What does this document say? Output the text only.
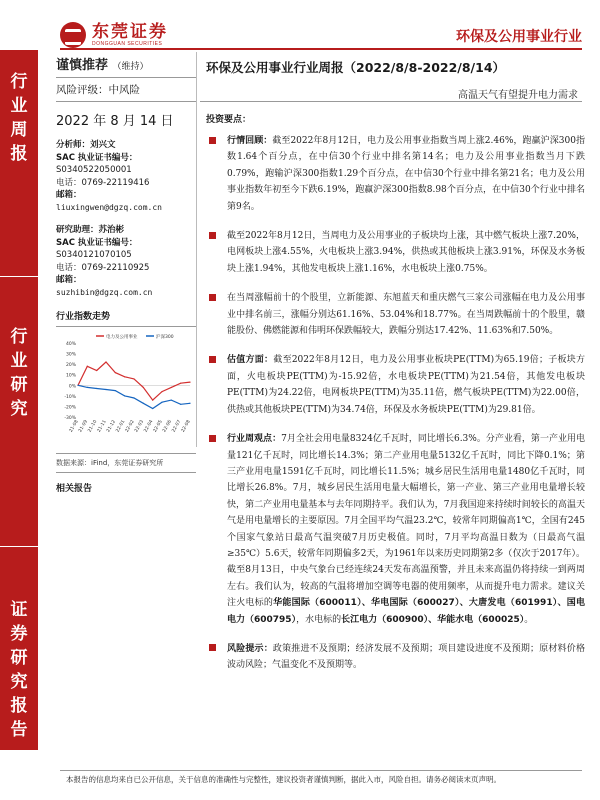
东莞证券
DONGGUAN SECURITIES	环保及公用事业行业
行
业
周
报
行
业
研
究
证
券
研
究
报
告
谨慎推荐 （维持）
风险评级：中风险
2022 年 8 月 14 日
分析师：刘兴文
SAC 执业证书编号：
S0340522050001
电话：0769-22119416
邮箱：
liuxingwen@dgzq.com.cn
研究助理：苏治彬
SAC 执业证书编号：
S0340121070105
电话：0769-22110925
邮箱：
suzhibin@dgzq.com.cn
行业指数走势
40%
30%
20%
10%
0%
-10%
-20%
-30%
电力及公用事业	沪深300
21-08
21-09
21-10
21-11
21-12
22-01
22-02
22-03
22-04
22-05
22-06
22-07
22-08
数据来源：iFind，东莞证券研究所
相关报告
环保及公用事业行业周报（2022/8/8-2022/8/14）
高温天气有望提升电力需求
投资要点：
行情回顾：截至2022年8月12日，电力及公用事业指数当周上涨2.46%，跑赢沪深300指数1.64个百分点，在中信30个行业中排名第14名；电力及公用事业指数当月下跌0.79%，跑输沪深300指数1.29个百分点，在中信30个行业中排名第21名；电力及公用事业指数年初至今下跌6.19%，跑赢沪深300指数8.98个百分点，在中信30个行业中排名第9名。
截至2022年8月12日，当周电力及公用事业的子板块均上涨，其中燃气板块上涨7.20%，电网板块上涨4.55%，火电板块上涨3.94%，供热或其他板块上涨3.91%，环保及水务板块上涨1.94%，其他发电板块上涨1.16%，水电板块上涨0.75%。
在当周涨幅前十的个股里，立新能源、东旭蓝天和重庆燃气三家公司涨幅在电力及公用事业中排名前三，涨幅分别达61.16%、53.04%和18.77%。在当周跌幅前十的个股里，赣能股份、佛燃能源和伟明环保跌幅较大，跌幅分别达17.42%、11.63%和7.50%。
估值方面：截至2022年8月12日，电力及公用事业板块PE(TTM)为65.19倍；子板块方面，火电板块PE(TTM)为-15.92倍，水电板块PE(TTM)为21.54倍，其他发电板块PE(TTM)为24.22倍，电网板块PE(TTM)为35.11倍，燃气板块PE(TTM)为22.00倍，供热或其他板块PE(TTM)为34.74倍，环保及水务板块PE(TTM)为29.81倍。
行业周观点：7月全社会用电量8324亿千瓦时，同比增长6.3%。分产业看，第一产业用电量121亿千瓦时，同比增长14.3%；第二产业用电量5132亿千瓦时，同比下降0.1%；第三产业用电量1591亿千瓦时，同比增长11.5%；城乡居民生活用电量1480亿千瓦时，同比增长26.8%。7月，城乡居民生活用电量大幅增长，第一产业、第三产业用电量增长较快，第二产业用电量基本与去年同期持平。我们认为，7月我国迎来持续时间较长的高温天气是用电量增长的主要原因。7月全国平均气温23.2℃，较常年同期偏高1℃，全国有245个国家气象站日最高气温突破7月历史极值。同时，7月平均高温日数为（日最高气温≥35℃）5.6天，较常年同期偏多2天，为1961年以来历史同期第2多（仅次于2017年）。截至8月13日，中央气象台已经连续24天发布高温预警，并且未来高温仍将持续一到两周左右。我们认为，较高的气温将增加空调等电器的使用频率，从而提升电力需求。建议关注火电标的华能国际（600011）、华电国际（600027）、大唐发电（601991）、国电电力（600795），水电标的长江电力（600900）、华能水电（600025）。
风险提示：政策推进不及预期；经济发展不及预期；项目建设进度不及预期；原材料价格波动风险；气温变化不及预期等。
本报告的信息均来自已公开信息，关于信息的准确性与完整性，建议投资者谨慎判断，据此入市，风险自担。请务必阅读末页声明。
